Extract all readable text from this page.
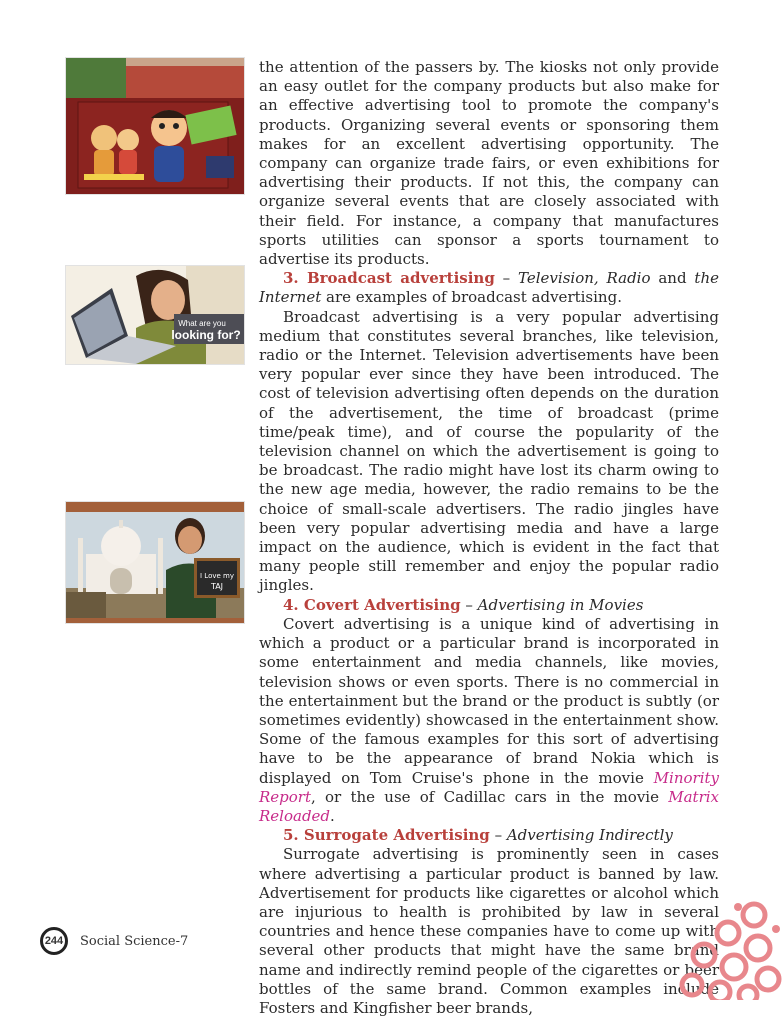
What are you
looking for?
I Love my
TAJ

the attention of the passers by. The kiosks not only provide an easy outlet for the company products but also make for an effective advertising tool to promote the company's products. Organizing several events or sponsoring them makes for an excellent advertising opportunity. The company can organize trade fairs, or even exhibitions for advertising their products. If not this, the company can organize several events that are closely associated with their field. For instance, a company that manufactures sports utilities can sponsor a sports tournament to advertise its products.

3. Broadcast advertising – Television, Radio and the Internet are examples of broadcast advertising.

Broadcast advertising is a very popular advertising medium that constitutes several branches, like television, radio or the Internet. Television advertisements have been very popular ever since they have been introduced. The cost of television advertising often depends on the duration of the advertisement, the time of broadcast (prime time/peak time), and of course the popularity of the television channel on which the advertisement is going to be broadcast. The radio might have lost its charm owing to the new age media, however, the radio remains to be the choice of small-scale advertisers. The radio jingles have been very popular advertising media and have a large impact on the audience, which is evident in the fact that many people still remember and enjoy the popular radio jingles.

4. Covert Advertising – Advertising in Movies

Covert advertising is a unique kind of advertising in which a product or a particular brand is incorporated in some entertainment and media channels, like movies, television shows or even sports. There is no commercial in the entertainment but the brand or the product is subtly (or sometimes evidently) showcased in the entertainment show. Some of the famous examples for this sort of advertising have to be the appearance of brand Nokia which is displayed on Tom Cruise's phone in the movie Minority Report, or the use of Cadillac cars in the movie Matrix Reloaded.

5. Surrogate Advertising – Advertising Indirectly

Surrogate advertising is prominently seen in cases where advertising a particular product is banned by law. Advertisement for products like cigarettes or alcohol which are injurious to health is prohibited by law in several countries and hence these companies have to come up with several other products that might have the same brand name and indirectly remind people of the cigarettes or beer bottles of the same brand. Common examples include Fosters and Kingfisher beer brands,

244	Social Science-7
